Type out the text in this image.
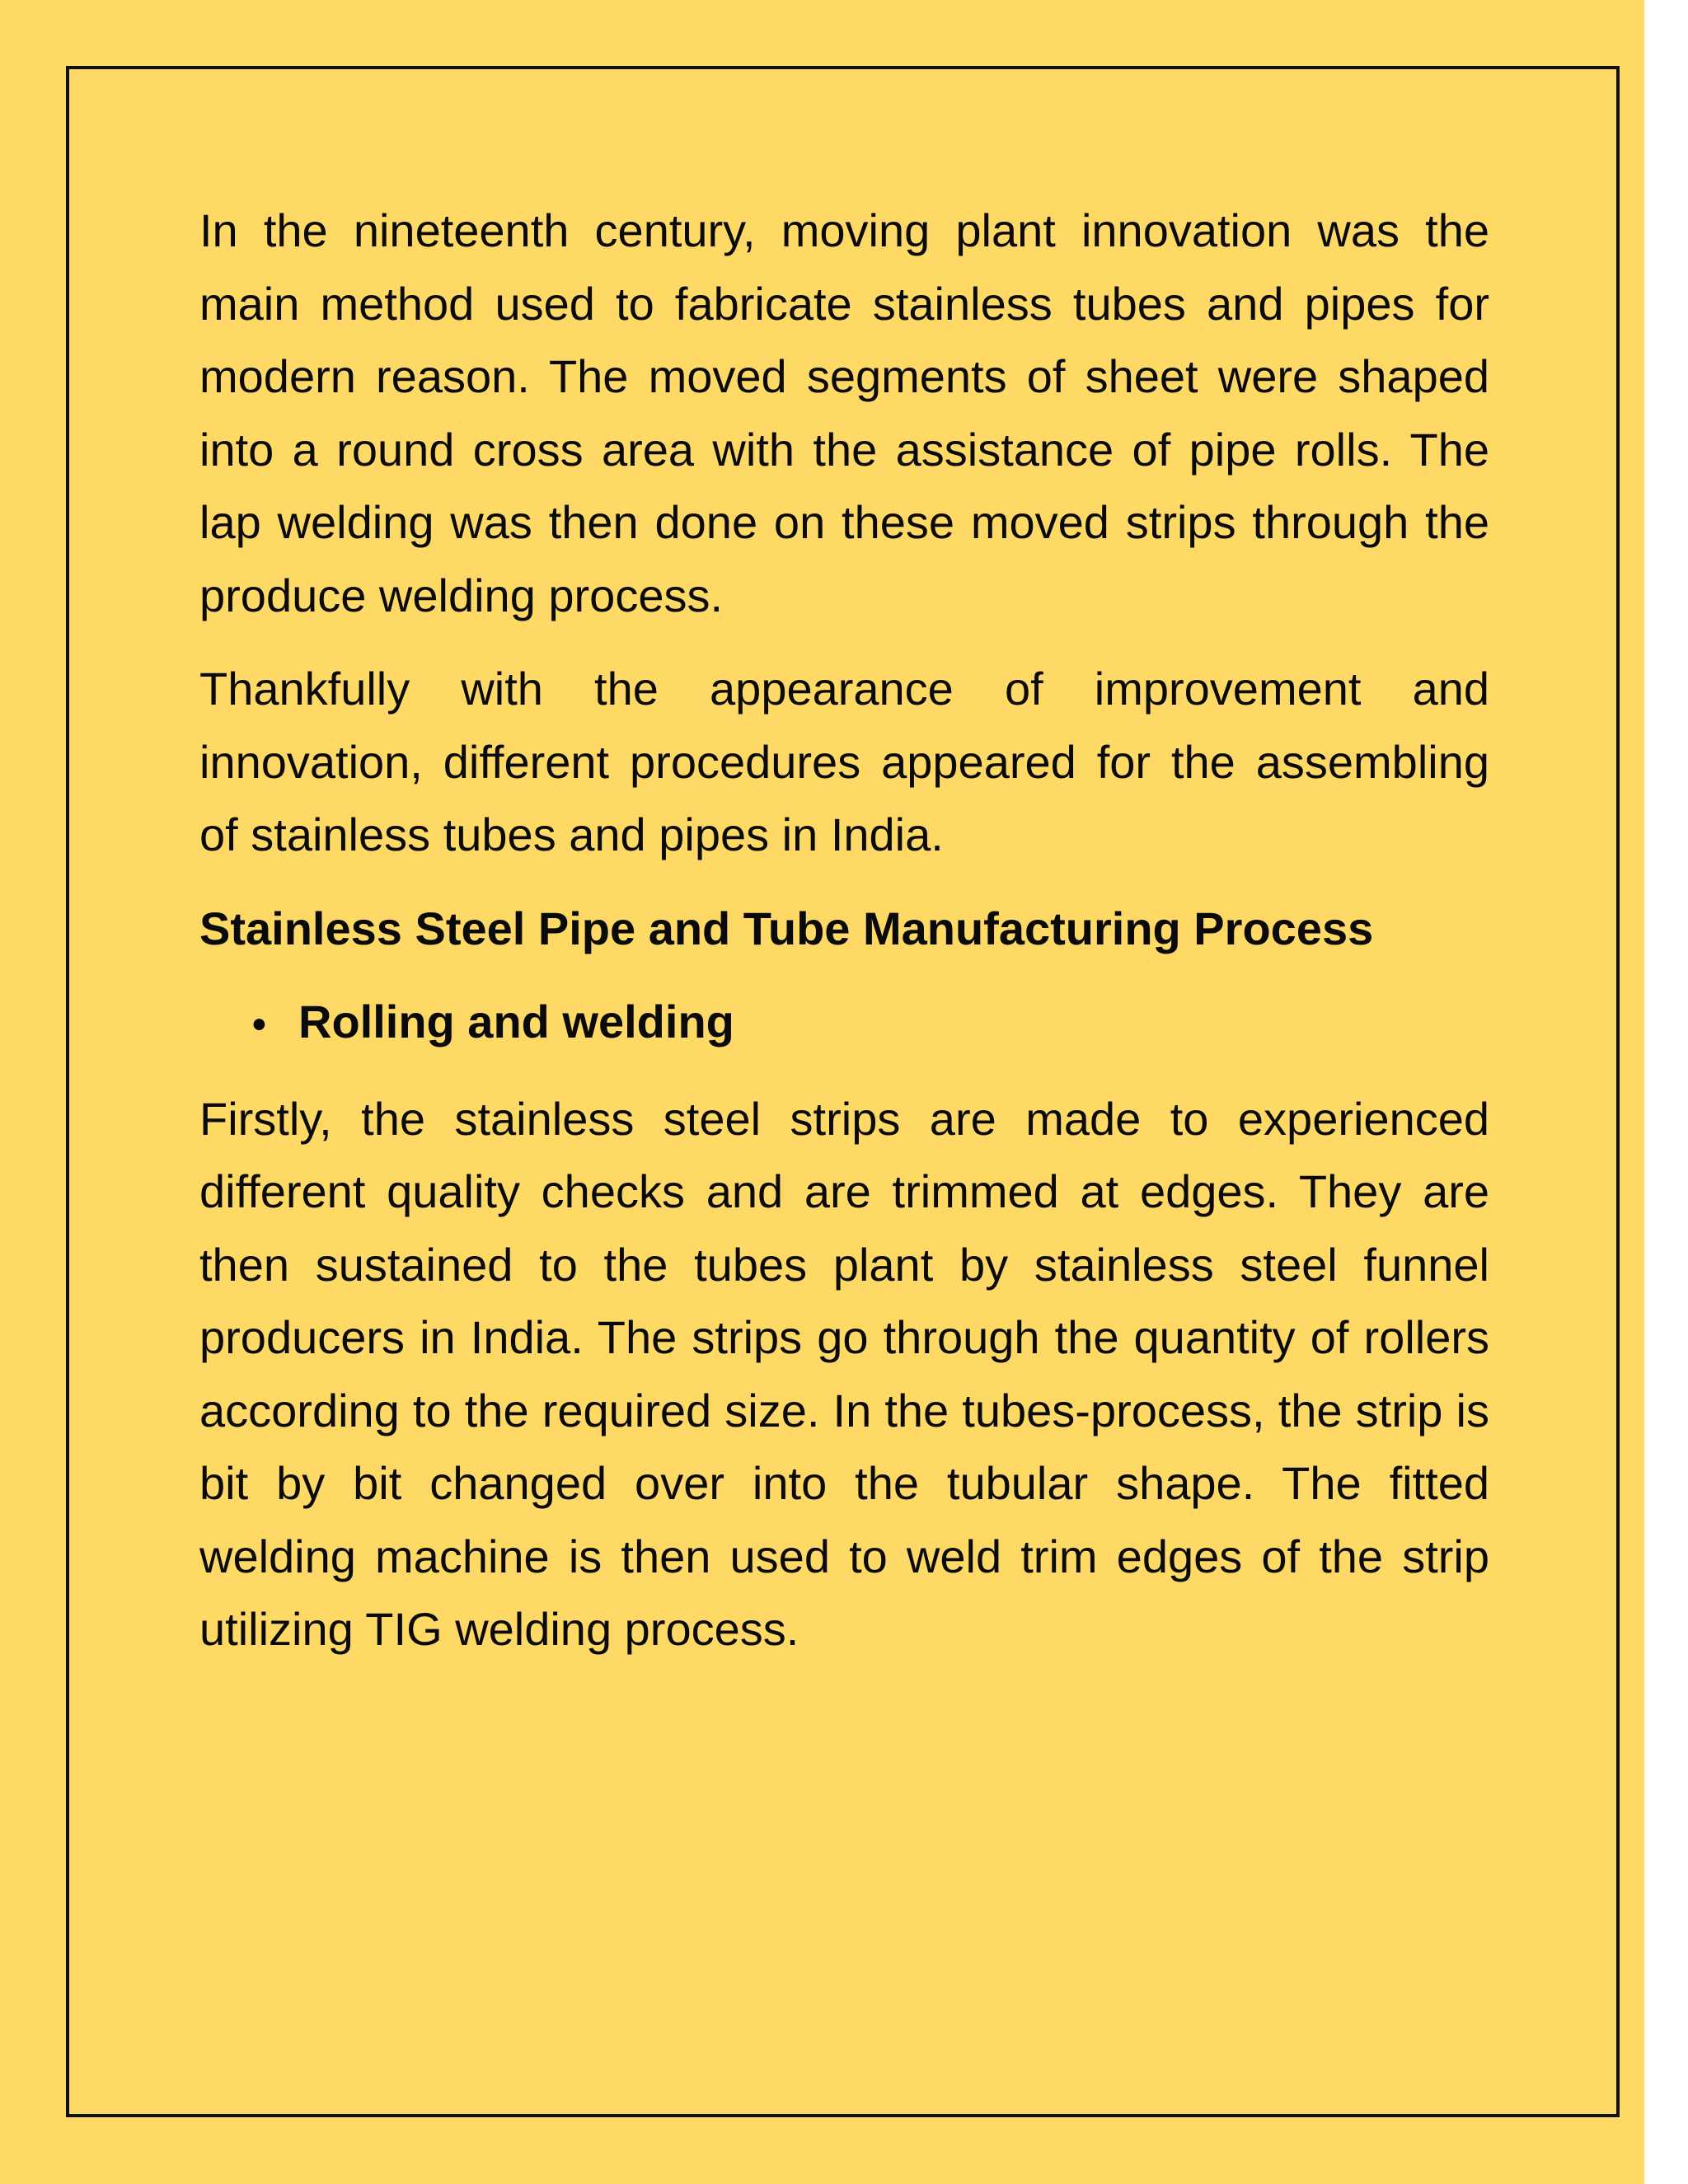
In the nineteenth century, moving plant innovation was the main method used to fabricate stainless tubes and pipes for modern reason. The moved segments of sheet were shaped into a round cross area with the assistance of pipe rolls. The lap welding was then done on these moved strips through the produce welding process.

Thankfully with the appearance of improvement and innovation, different procedures appeared for the assembling of stainless tubes and pipes in India.

Stainless Steel Pipe and Tube Manufacturing Process

• Rolling and welding

Firstly, the stainless steel strips are made to experienced different quality checks and are trimmed at edges. They are then sustained to the tubes plant by stainless steel funnel producers in India. The strips go through the quantity of rollers according to the required size. In the tubes-process, the strip is bit by bit changed over into the tubular shape. The fitted welding machine is then used to weld trim edges of the strip utilizing TIG welding process.
